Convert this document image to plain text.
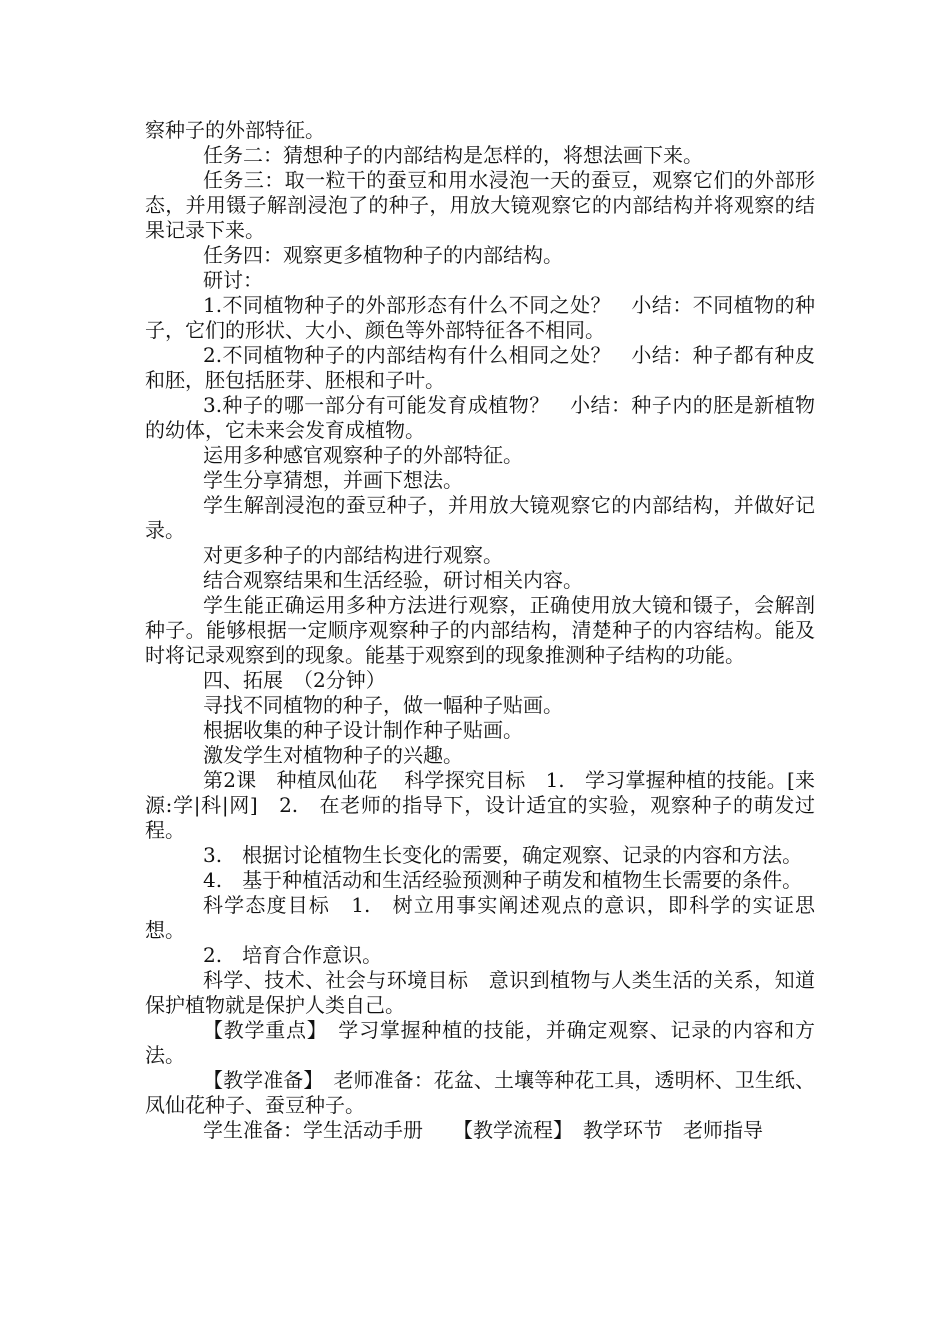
察种子的外部特征。

任务二：猜想种子的内部结构是怎样的，将想法画下来。

任务三：取一粒干的蚕豆和用水浸泡一天的蚕豆，观察它们的外部形态，并用镊子解剖浸泡了的种子，用放大镜观察它的内部结构并将观察的结果记录下来。

任务四：观察更多植物种子的内部结构。

研讨：

1.不同植物种子的外部形态有什么不同之处？　小结：不同植物的种子，它们的形状、大小、颜色等外部特征各不相同。

2.不同植物种子的内部结构有什么相同之处？　小结：种子都有种皮和胚，胚包括胚芽、胚根和子叶。

3.种子的哪一部分有可能发育成植物？　小结：种子内的胚是新植物的幼体，它未来会发育成植物。

运用多种感官观察种子的外部特征。

学生分享猜想，并画下想法。

学生解剖浸泡的蚕豆种子，并用放大镜观察它的内部结构，并做好记录。

对更多种子的内部结构进行观察。

结合观察结果和生活经验，研讨相关内容。

学生能正确运用多种方法进行观察，正确使用放大镜和镊子，会解剖种子。能够根据一定顺序观察种子的内部结构，清楚种子的内容结构。能及时将记录观察到的现象。能基于观察到的现象推测种子结构的功能。

四、拓展　（2分钟）

寻找不同植物的种子，做一幅种子贴画。

根据收集的种子设计制作种子贴画。

激发学生对植物种子的兴趣。

第2课　种植凤仙花　 科学探究目标　1.　学习掌握种植的技能。[来源:学|科|网]　2.　在老师的指导下，设计适宜的实验，观察种子的萌发过程。

3.　根据讨论植物生长变化的需要，确定观察、记录的内容和方法。

4.　基于种植活动和生活经验预测种子萌发和植物生长需要的条件。

科学态度目标　1.　树立用事实阐述观点的意识，即科学的实证思想。

2.　培育合作意识。

科学、技术、社会与环境目标　意识到植物与人类生活的关系，知道保护植物就是保护人类自己。

【教学重点】　学习掌握种植的技能，并确定观察、记录的内容和方法。

【教学准备】　老师准备：花盆、土壤等种花工具，透明杯、卫生纸、凤仙花种子、蚕豆种子。

学生准备：学生活动手册　　【教学流程】　教学环节　老师指导
